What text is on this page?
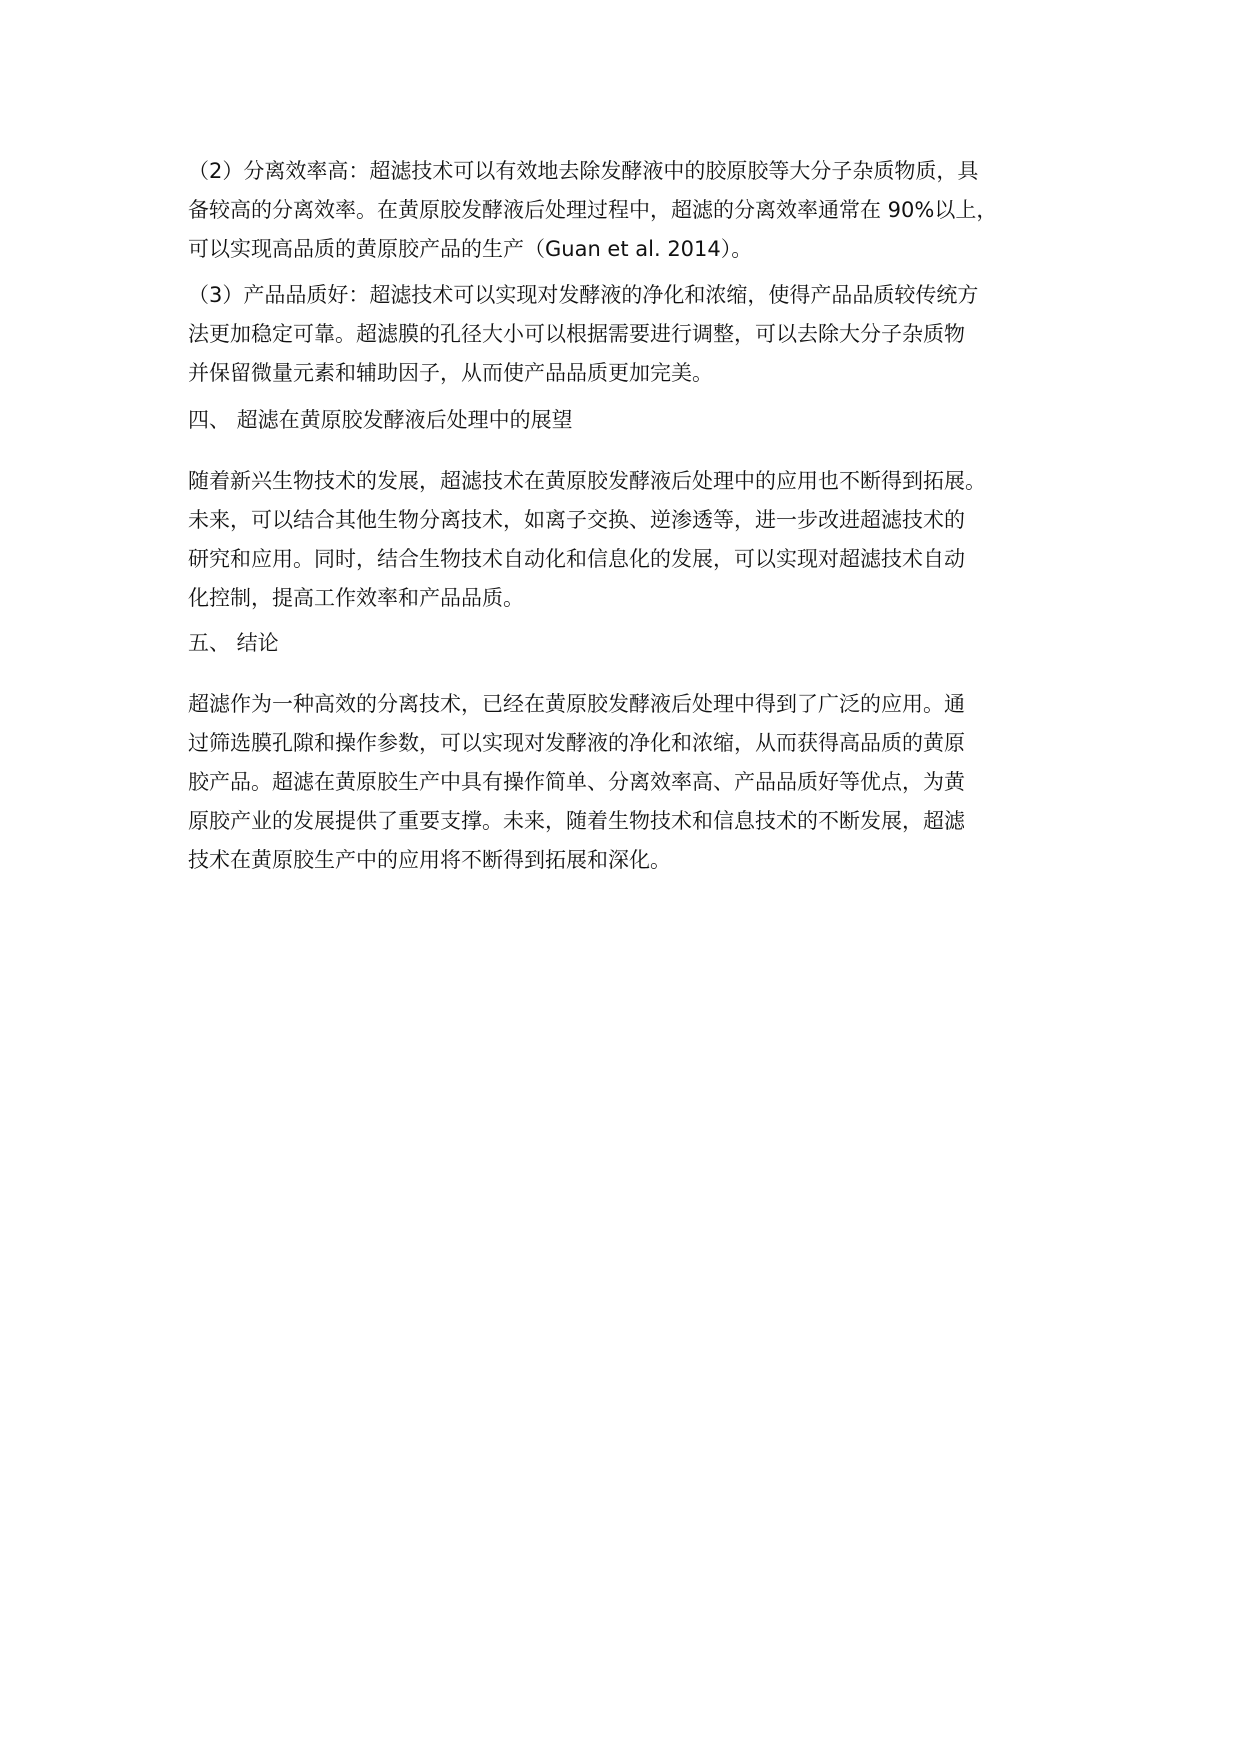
（2）分离效率高：超滤技术可以有效地去除发酵液中的胶原胶等大分子杂质物质，具
备较高的分离效率。在黄原胶发酵液后处理过程中，超滤的分离效率通常在 90%以上，
可以实现高品质的黄原胶产品的生产（Guan et al. 2014）。

（3）产品品质好：超滤技术可以实现对发酵液的净化和浓缩，使得产品品质较传统方
法更加稳定可靠。超滤膜的孔径大小可以根据需要进行调整，可以去除大分子杂质物
并保留微量元素和辅助因子，从而使产品品质更加完美。

四、 超滤在黄原胶发酵液后处理中的展望

随着新兴生物技术的发展，超滤技术在黄原胶发酵液后处理中的应用也不断得到拓展。
未来，可以结合其他生物分离技术，如离子交换、逆渗透等，进一步改进超滤技术的
研究和应用。同时，结合生物技术自动化和信息化的发展，可以实现对超滤技术自动
化控制，提高工作效率和产品品质。

五、 结论

超滤作为一种高效的分离技术，已经在黄原胶发酵液后处理中得到了广泛的应用。通
过筛选膜孔隙和操作参数，可以实现对发酵液的净化和浓缩，从而获得高品质的黄原
胶产品。超滤在黄原胶生产中具有操作简单、分离效率高、产品品质好等优点，为黄
原胶产业的发展提供了重要支撑。未来，随着生物技术和信息技术的不断发展，超滤
技术在黄原胶生产中的应用将不断得到拓展和深化。
